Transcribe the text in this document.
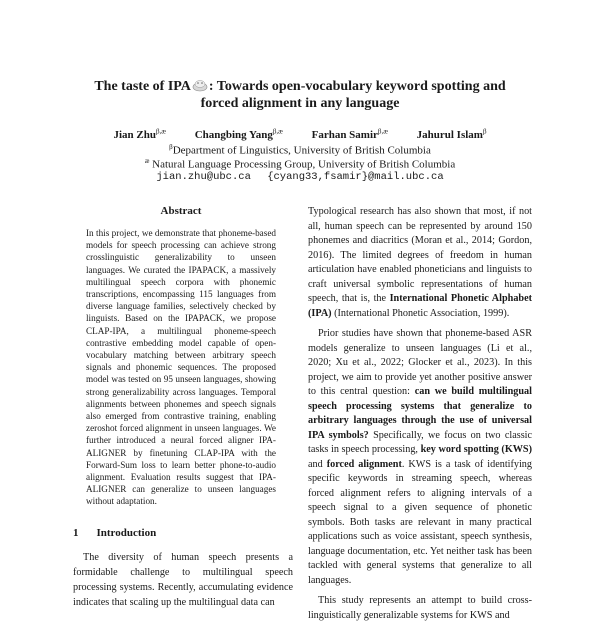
The taste of IPA : Towards open-vocabulary keyword spotting and
forced alignment in any language
Jian Zhu$^{\beta,æ}$	Changbing Yang$^{\beta,æ}$	Farhan Samir$^{\beta,æ}$	Jahurul Islam$^\beta$
$^\beta$Department of Linguistics, University of British Columbia
$^æ$ Natural Language Processing Group, University of British Columbia
jian.zhu@ubc.ca {cyang33,fsamir}@mail.ubc.ca
Abstract

In this project, we demonstrate that phoneme-based models for speech processing can achieve strong crosslinguistic generalizability to unseen languages. We curated the IPAPACK, a massively multilingual speech corpora with phonemic transcriptions, encompassing 115 languages from diverse language families, selectively checked by linguists. Based on the IPAPACK, we propose CLAP-IPA, a multilingual phoneme-speech contrastive embedding model capable of open-vocabulary matching between arbitrary speech signals and phonemic sequences. The proposed model was tested on 95 unseen languages, showing strong generalizability across languages. Temporal alignments between phonemes and speech signals also emerged from contrastive training, enabling zeroshot forced alignment in unseen languages. We further introduced a neural forced aligner IPA-ALIGNER by finetuning CLAP-IPA with the Forward-Sum loss to learn better phone-to-audio alignment. Evaluation results suggest that IPA-ALIGNER can generalize to unseen languages without adaptation.

1 Introduction

The diversity of human speech presents a formidable challenge to multilingual speech processing systems. Recently, accumulating evidence indicates that scaling up the multilingual data can

Typological research has also shown that most, if not all, human speech can be represented by around 150 phonemes and diacritics (Moran et al., 2014; Gordon, 2016). The limited degrees of freedom in human articulation have enabled phoneticians and linguists to craft universal symbolic representations of human speech, that is, the International Phonetic Alphabet (IPA) (International Phonetic Association, 1999).

Prior studies have shown that phoneme-based ASR models generalize to unseen languages (Li et al., 2020; Xu et al., 2022; Glocker et al., 2023). In this project, we aim to provide yet another positive answer to this central question: can we build multilingual speech processing systems that generalize to arbitrary languages through the use of universal IPA symbols? Specifically, we focus on two classic tasks in speech processing, key word spotting (KWS) and forced alignment. KWS is a task of identifying specific keywords in streaming speech, whereas forced alignment refers to aligning intervals of a speech signal to a given sequence of phonetic symbols. Both tasks are relevant in many practical applications such as voice assistant, speech synthesis, language documentation, etc. Yet neither task has been tackled with general systems that generalize to all languages.

This study represents an attempt to build cross-linguistically generalizable systems for KWS and
